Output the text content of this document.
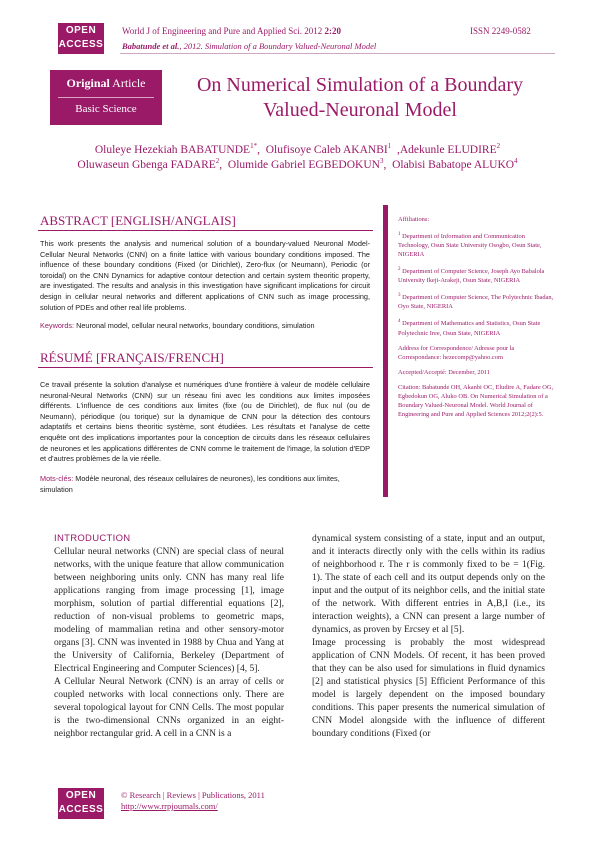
OPEN
ACCESS
World J of Engineering and Pure and Applied Sci. 2012 2:20	ISSN 2249-0582
Babatunde et al., 2012. Simulation of a Boundary Valued-Neuronal Model
Original Article
Basic Science
On Numerical Simulation of a Boundary
Valued-Neuronal Model
Oluleye Hezekiah $BABATUNDE^{1*}$,  Olufisoye Caleb AKANBI$^1$ ,Adekunle ELUDIRE$^2$
Oluwaseun Gbenga FADARE$^2$,  Olumide Gabriel EGBEDOKUN$^3$,  Olabisi Babatope ALUKO$^4$
ABSTRACT [ENGLISH/ANGLAIS]
This work presents the analysis and numerical solution of a boundary-valued Neuronal Model- Cellular Neural Networks (CNN) on a finite lattice with various boundary conditions imposed. The influence of these boundary conditions (Fixed (or Dirichlet), Zero-flux (or Neumann), Periodic (or toroidal) on the CNN Dynamics for adaptive contour detection and certain system theoritic property, are investigated. The results and analysis in this investigation have significant implications for circuit design in cellular neural networks and different applications of CNN such as image processing, solution of PDEs and other real life problems.
Keywords: Neuronal model, cellular neural networks, boundary conditions, simulation
RÉSUMÉ [FRANÇAIS/FRENCH]
Ce travail présente la solution d'analyse et numériques d'une frontière à valeur de modèle cellulaire neuronal-Neural Networks (CNN) sur un réseau fini avec les conditions aux limites imposées différents. L'influence de ces conditions aux limites (fixe (ou de Dirichlet), de flux nul (ou de Neumann), périodique (ou torique) sur la dynamique de CNN pour la détection des contours adaptatifs et certains biens theoritic système, sont étudiées. Les résultats et l'analyse de cette enquête ont des implications importantes pour la conception de circuits dans les réseaux cellulaires de neurones et les applications différentes de CNN comme le traitement de l'image, la solution d'EDP et d'autres problèmes de la vie réelle.
Mots-clés: Modèle neuronal, des réseaux cellulaires de neurones), les conditions aux limites, simulation

Affiliations:

$^1$ Department of Information and Communication Technology, Osun State University Osogbo, Osun State, NIGERIA

$^2$ Department of Computer Science, Joseph Ayo Babalola University Ikeji-Arakeji, Osun State, NIGERIA

$^3$ Department of Computer Science, The Polytechnic Ibadan, Oyo State, NIGERIA

$^4$ Department of Mathematics and Statistics, Osun State Polytechnic Iree, Osun State, NIGERIA

Address for Correspondence/ Adresse pour la Correspondance: hezecomp@yahoo.com

Accepted/Accepté: December, 2011

Citation: Babatunde OH, Akanbi OC, Eludire A, Fadare OG, Egbedokun OG, Aluko OB. On Numerical Simulation of a Boundary Valued-Neuronal Model. World Journal of Engineering and Pure and Applied Sciences 2012;2(2):5.

INTRODUCTION

Cellular neural networks (CNN) are special class of neural networks, with the unique feature that allow communication between neighboring units only. CNN has many real life applications ranging from image processing [1], image morphism, solution of partial differential equations [2], reduction of non-visual problems to geometric maps, modeling of mammalian retina and other sensory-motor organs [3]. CNN was invented in 1988 by Chua and Yang at the University of California, Berkeley (Department of Electrical Engineering and Computer Sciences) [4, 5].

A Cellular Neural Network (CNN) is an array of cells or coupled networks with local connections only. There are several topological layout for CNN Cells. The most popular is the two-dimensional CNNs organized in an eight-neighbor rectangular grid. A cell in a CNN is a

dynamical system consisting of a state, input and an output, and it interacts directly only with the cells within its radius of neighborhood r. The r is commonly fixed to be = 1(Fig. 1). The state of each cell and its output depends only on the input and the output of its neighbor cells, and the initial state of the network. With different entries in A,B,I (i.e., its interaction weights), a CNN can present a large number of dynamics, as proven by Ercsey et al [5].

Image processing is probably the most widespread application of CNN Models. Of recent, it has been proved that they can be also used for simulations in fluid dynamics [2] and statistical physics [5] Efficient Performance of this model is largely dependent on the imposed boundary conditions. This paper presents the numerical simulation of CNN Model alongside with the influence of different boundary conditions (Fixed (or

OPEN
ACCESS
© Research | Reviews | Publications, 2011
http://www.rrpjournals.com/
